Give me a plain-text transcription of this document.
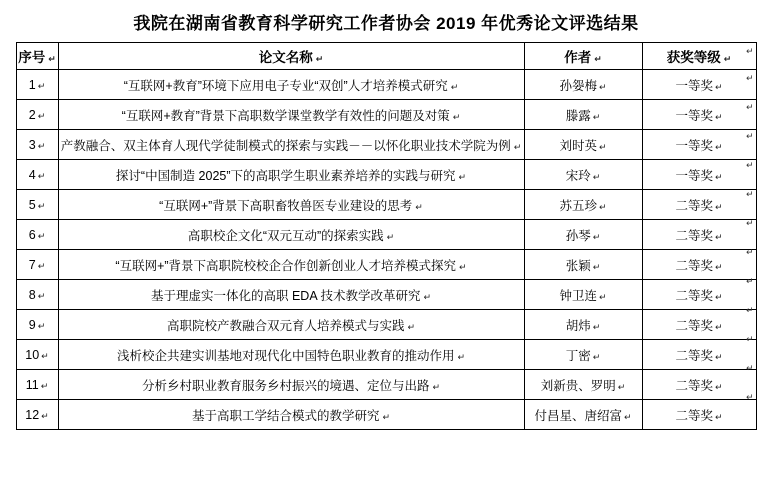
我院在湖南省教育科学研究工作者协会 2019 年优秀论文评选结果
序号 ↵	论文名称 ↵	作者 ↵	获奖等级 ↵
1 ↵	“互联网+教育”环境下应用电子专业“双创”人才培养模式研究 ↵	孙妴梅 ↵	一等奖 ↵
2 ↵	“互联网+教育”背景下高职数学课堂教学有效性的问题及对策 ↵	滕露 ↵	一等奖 ↵
3 ↵	产教融合、双主体育人现代学徒制模式的探索与实践－－以怀化职业技术学院为例 ↵	刘时英 ↵	一等奖 ↵
4 ↵	探讨“中国制造 2025”下的高职学生职业素养培养的实践与研究 ↵	宋玲 ↵	一等奖 ↵
5 ↵	“互联网+”背景下高职畜牧兽医专业建设的思考 ↵	苏五珍 ↵	二等奖 ↵
6 ↵	高职校企文化“双元互动”的探索实践 ↵	孙琴 ↵	二等奖 ↵
7 ↵	“互联网+”背景下高职院校校企合作创新创业人才培养模式探究 ↵	张颖 ↵	二等奖 ↵
8 ↵	基于理虚实一体化的高职 EDA 技术教学改革研究 ↵	钟卫连 ↵	二等奖 ↵
9 ↵	高职院校产教融合双元育人培养模式与实践 ↵	胡炜 ↵	二等奖 ↵
10 ↵	浅析校企共建实训基地对现代化中国特色职业教育的推动作用 ↵	丁密 ↵	二等奖 ↵
11 ↵	分析乡村职业教育服务乡村振兴的境遇、定位与出路 ↵	刘新贵、罗明 ↵	二等奖 ↵
12 ↵	基于高职工学结合模式的教学研究 ↵	付昌星、唐绍富 ↵	二等奖 ↵
↵
↵
↵
↵
↵
↵
↵
↵
↵
↵
↵
↵
↵
